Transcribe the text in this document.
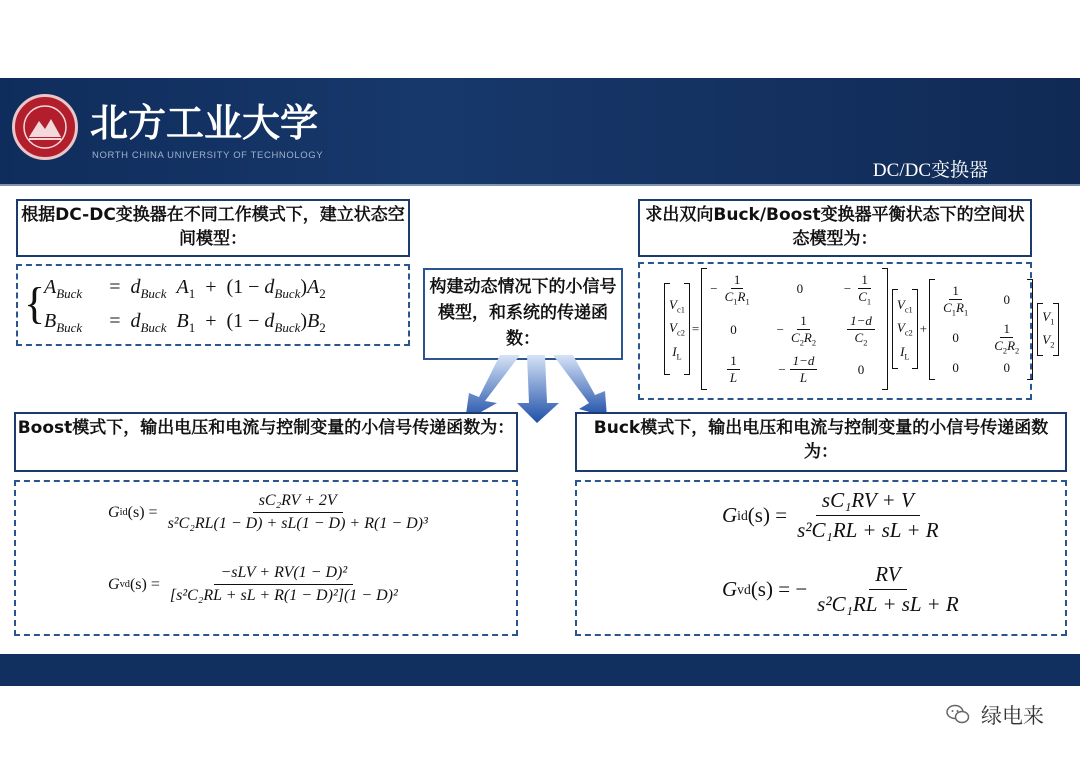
北方工业大学
NORTH CHINA UNIVERSITY OF TECHNOLOGY
DC/DC变换器
根据DC-DC变换器在不同工作模式下，建立状态空间模型：
{
$A_{Buck} = d_{Buck}$  $A_1 + (1 - d_{Buck})A_2$
$B_{Buck} = d_{Buck}$  $B_1 + (1 - d_{Buck})B_2$
构建动态情况下的小信号模型，和系统的传递函数：
求出双向Buck/Boost变换器平衡状态下的空间状态模型为：
$V_{c1}$
$V_{c2}$
$I_L$
=
− $\frac{1}{C_1R_1}$	0	− $\frac{1}{C_1}$
0	− $\frac{1}{C_2R_2} \frac{1-d}{C_2}$
$\frac{1}{L}$	− $\frac{1-d}{L}$	0
$V_{c1}$
$V_{c2}$
$I_L$
+
$\frac{1}{C_1R_1} 0$
$0 \frac{1}{C_2R_2}$
0	0
$V_1$
$V_2$
Boost模式下，输出电压和电流与控制变量的小信号传递函数为：	Buck模式下，输出电压和电流与控制变量的小信号传递函数为：
G id $(s) = \frac{\text{sC₂RV + 2V}}{\text{s²C₂RL(1 − D) + sL(1 − D) + R(1 − D)³}}$
G vd $(s) = \frac{\text{−sLV + RV(1 − D)²}}{\text{[s²C₂RL + sL + R(1 − D)²](1 − D)²}}$
G id $(s) = \frac{\text{sC₁RV + V}}{\text{s²C₁RL + sL + R}}$
G vd (s) = − $\frac{RV}{\text{s²C₁RL + sL + R}}$
绿电来
